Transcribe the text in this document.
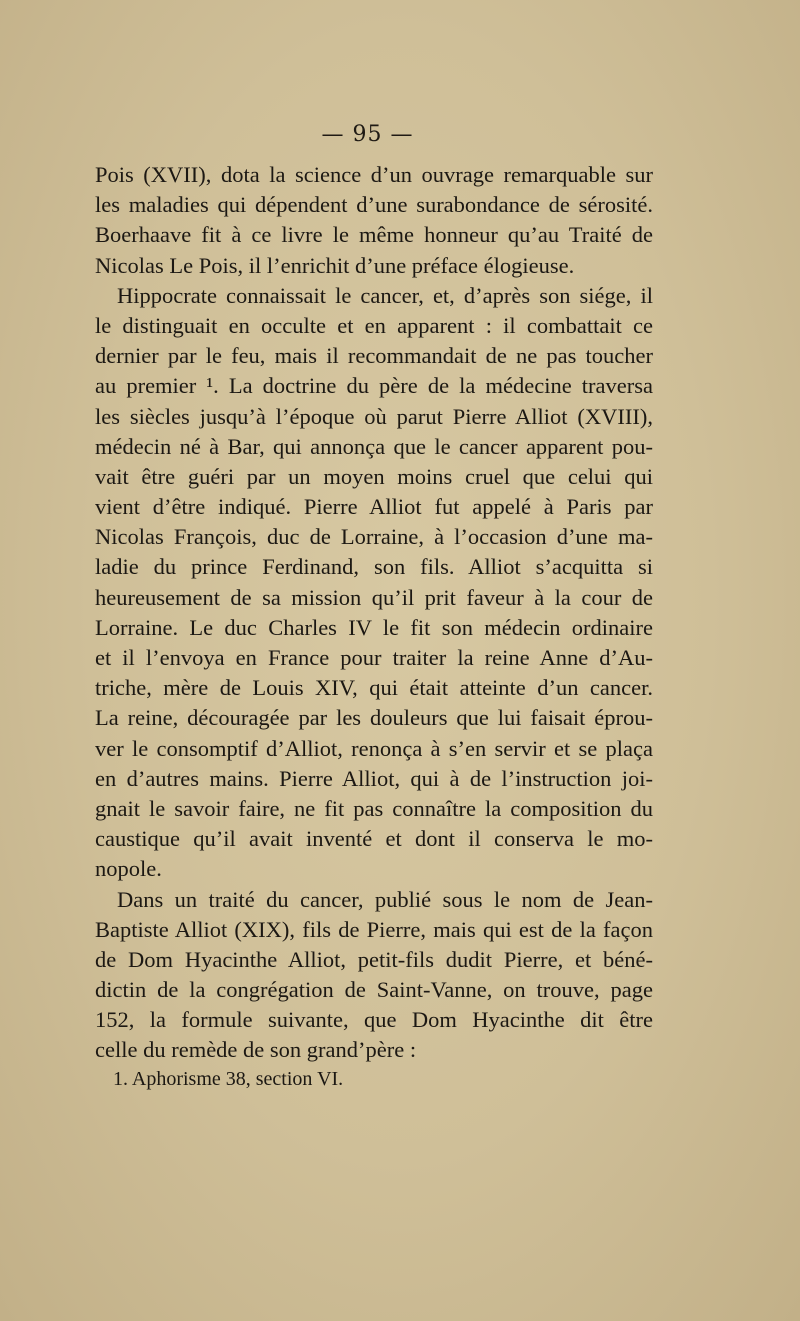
— 95 —
Pois (XVII), dota la science d’un ouvrage remarquable sur
les maladies qui dépendent d’une surabondance de sérosité.
Boerhaave fit à ce livre le même honneur qu’au Traité de
Nicolas Le Pois, il l’enrichit d’une préface élogieuse.
Hippocrate connaissait le cancer, et, d’après son siége, il
le distinguait en occulte et en apparent : il combattait ce
dernier par le feu, mais il recommandait de ne pas toucher
au premier ¹. La doctrine du père de la médecine traversa
les siècles jusqu’à l’époque où parut Pierre Alliot (XVIII),
médecin né à Bar, qui annonça que le cancer apparent pou-
vait être guéri par un moyen moins cruel que celui qui
vient d’être indiqué. Pierre Alliot fut appelé à Paris par
Nicolas François, duc de Lorraine, à l’occasion d’une ma-
ladie du prince Ferdinand, son fils. Alliot s’acquitta si
heureusement de sa mission qu’il prit faveur à la cour de
Lorraine. Le duc Charles IV le fit son médecin ordinaire
et il l’envoya en France pour traiter la reine Anne d’Au-
triche, mère de Louis XIV, qui était atteinte d’un cancer.
La reine, découragée par les douleurs que lui faisait éprou-
ver le consomptif d’Alliot, renonça à s’en servir et se plaça
en d’autres mains. Pierre Alliot, qui à de l’instruction joi-
gnait le savoir faire, ne fit pas connaître la composition du
caustique qu’il avait inventé et dont il conserva le mo-
nopole.
Dans un traité du cancer, publié sous le nom de Jean-
Baptiste Alliot (XIX), fils de Pierre, mais qui est de la façon
de Dom Hyacinthe Alliot, petit-fils dudit Pierre, et béné-
dictin de la congrégation de Saint-Vanne, on trouve, page
152, la formule suivante, que Dom Hyacinthe dit être
celle du remède de son grand’père :
1. Aphorisme 38, section VI.
